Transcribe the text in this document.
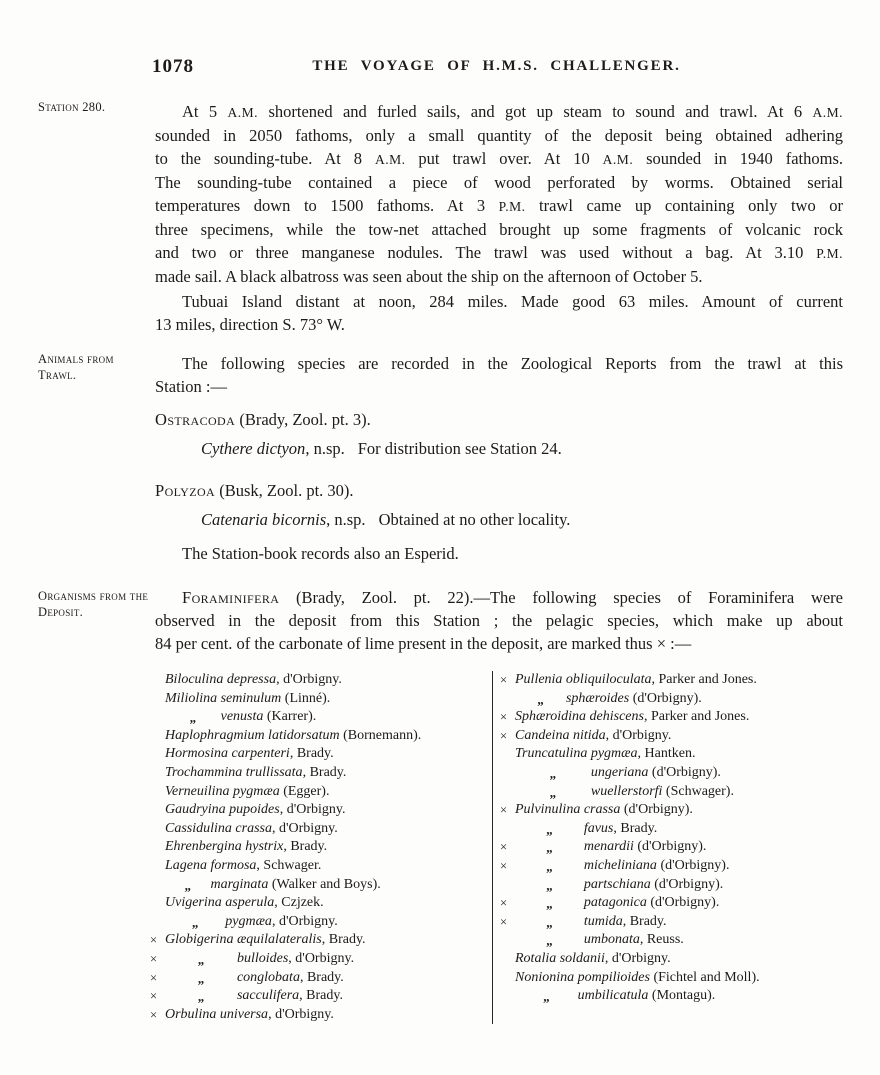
1078	THE VOYAGE OF H.M.S. CHALLENGER.
Station 280.
Animals from Trawl.
Organisms from the Deposit.
At 5 A.M. shortened and furled sails, and got up steam to sound and trawl. At 6 A.M.
sounded in 2050 fathoms, only a small quantity of the deposit being obtained adhering
to the sounding-tube. At 8 A.M. put trawl over. At 10 A.M. sounded in 1940 fathoms.
The sounding-tube contained a piece of wood perforated by worms. Obtained serial
temperatures down to 1500 fathoms. At 3 P.M. trawl came up containing only two or
three specimens, while the tow-net attached brought up some fragments of volcanic rock
and two or three manganese nodules. The trawl was used without a bag. At 3.10 P.M.
made sail. A black albatross was seen about the ship on the afternoon of October 5.
Tubuai Island distant at noon, 284 miles. Made good 63 miles. Amount of current
13 miles, direction S. 73° W.
The following species are recorded in the Zoological Reports from the trawl at this
Station :—
Ostracoda (Brady, Zool. pt. 3).
Cythere dictyon, n.sp. For distribution see Station 24.
Polyzoa (Busk, Zool. pt. 30).
Catenaria bicornis, n.sp. Obtained at no other locality.
The Station-book records also an Esperid.
Foraminifera (Brady, Zool. pt. 22).—The following species of Foraminifera were
observed in the deposit from this Station ; the pelagic species, which make up about
84 per cent. of the carbonate of lime present in the deposit, are marked thus × :—
Biloculina depressa, d'Orbigny.
Miliolina seminulum (Linné).
„ venusta (Karrer).
Haplophragmium latidorsatum (Bornemann).
Hormosina carpenteri, Brady.
Trochammina trullissata, Brady.
Verneuilina pygmæa (Egger).
Gaudryina pupoides, d'Orbigny.
Cassidulina crassa, d'Orbigny.
Ehrenbergina hystrix, Brady.
Lagena formosa, Schwager.
„ marginata (Walker and Boys).
Uvigerina asperula, Czjzek.
„ pygmæa, d'Orbigny.
× Globigerina æquilalateralis, Brady.
×	„ bulloides, d'Orbigny.
×	„ conglobata, Brady.
×	„ sacculifera, Brady.
× Orbulina universa, d'Orbigny.
× Pullenia obliquiloculata, Parker and Jones.
„ sphæroides (d'Orbigny).
× Sphæroidina dehiscens, Parker and Jones.
× Candeina nitida, d'Orbigny.
Truncatulina pygmæa, Hantken.
„ ungeriana (d'Orbigny).
„ wuellerstorfi (Schwager).
× Pulvinulina crassa (d'Orbigny).
„ favus, Brady.
×	„ menardii (d'Orbigny).
×	„ micheliniana (d'Orbigny).
„ partschiana (d'Orbigny).
×	„ patagonica (d'Orbigny).
×	„ tumida, Brady.
„ umbonata, Reuss.
Rotalia soldanii, d'Orbigny.
Nonionina pompilioides (Fichtel and Moll).
„ umbilicatula (Montagu).
